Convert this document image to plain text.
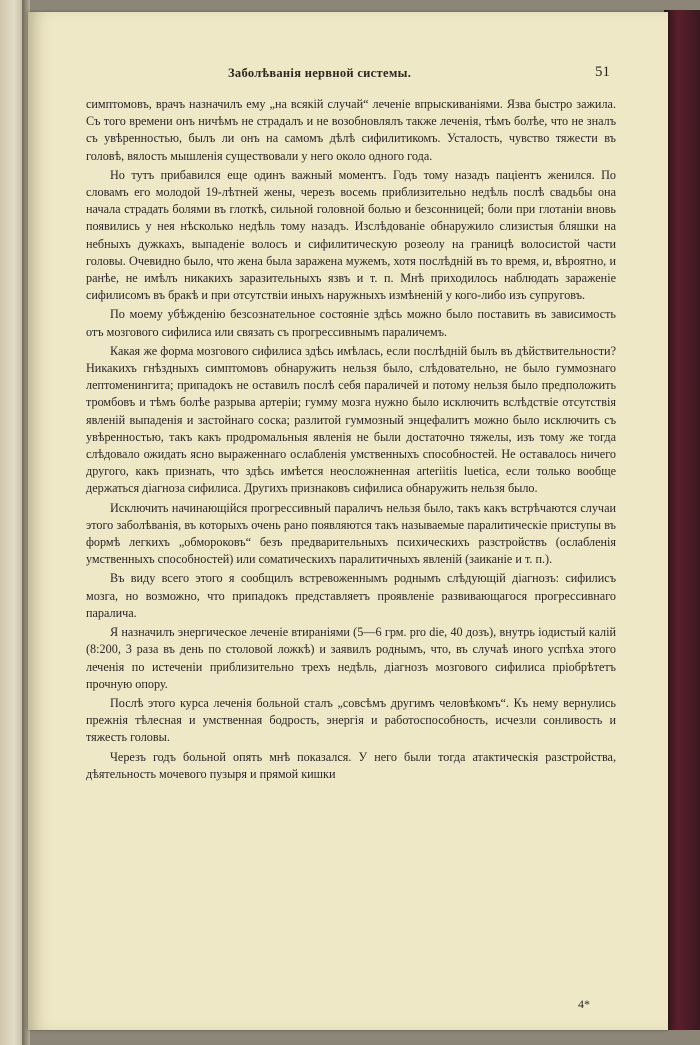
Заболѣванія нервной системы.	51

симптомовъ, врачъ назначилъ ему „на всякій случай“ леченіе впрыскиваніями. Язва быстро зажила. Съ того времени онъ ничѣмъ не страдалъ и не возобновлялъ также леченія, тѣмъ болѣе, что не зналъ съ увѣренностью, былъ ли онъ на самомъ дѣлѣ сифилитикомъ. Усталость, чувство тяжести въ головѣ, вялость мышленія существовали у него около одного года.

Но тутъ прибавился еще одинъ важный моментъ. Годъ тому назадъ паціентъ женился. По словамъ его молодой 19-лѣтней жены, черезъ восемь приблизительно недѣль послѣ свадьбы она начала страдать болями въ глоткѣ, сильной головной болью и безсонницей; боли при глотаніи вновь появились у нея нѣсколько недѣль тому назадъ. Изслѣдованіе обнаружило слизистыя бляшки на небныхъ дужкахъ, выпаденіе волосъ и сифилитическую розеолу на границѣ волосистой части головы. Очевидно было, что жена была заражена мужемъ, хотя послѣдній въ то время, и, вѣроятно, и ранѣе, не имѣлъ никакихъ заразительныхъ язвъ и т. п. Мнѣ приходилось наблюдать зараженіе сифилисомъ въ бракѣ и при отсутствіи иныхъ наружныхъ измѣненій у кого-либо изъ супруговъ.

По моему убѣжденію безсознательное состояніе здѣсь можно было поставить въ зависимость отъ мозгового сифилиса или связать съ прогрессивнымъ параличемъ.

Какая же форма мозгового сифилиса здѣсь имѣлась, если послѣдній былъ въ дѣйствительности? Никакихъ гнѣздныхъ симптомовъ обнаружить нельзя было, слѣдовательно, не было гуммознаго лептоменингита; припадокъ не оставилъ послѣ себя параличей и потому нельзя было предположить тромбовъ и тѣмъ болѣе разрыва артеріи; гумму мозга нужно было исключить вслѣдствіе отсутствія явленій выпаденія и застойнаго соска; разлитой гуммозный энцефалитъ можно было исключить съ увѣренностью, такъ какъ продромальныя явленія не были достаточно тяжелы, изъ тому же тогда слѣдовало ожидать ясно выраженнаго ослабленія умственныхъ способностей. Не оставалось ничего другого, какъ признать, что здѣсь имѣется неосложненная arteriitis luetica, если только вообще держаться діагноза сифилиса. Другихъ признаковъ сифилиса обнаружить нельзя было.

Исключить начинающійся прогрессивный параличъ нельзя было, такъ какъ встрѣчаются случаи этого заболѣванія, въ которыхъ очень рано появляются такъ называемые паралитическіе приступы въ формѣ легкихъ „обмороковъ“ безъ предварительныхъ психическихъ разстройствъ (ослабленія умственныхъ способностей) или соматическихъ паралитичныхъ явленій (заиканіе и т. п.).

Въ виду всего этого я сообщилъ встревоженнымъ роднымъ слѣдующій діагнозъ: сифилисъ мозга, но возможно, что припадокъ представляетъ проявленіе развивающагося прогрессивнаго паралича.

Я назначилъ энергическое леченіе втираніями (5—6 грм. pro die, 40 дозъ), внутрь іодистый калій (8:200, 3 раза въ день по столовой ложкѣ) и заявилъ роднымъ, что, въ случаѣ иного успѣха этого леченія по истеченіи приблизительно трехъ недѣль, діагнозъ мозгового сифилиса пріобрѣтетъ прочную опору.

Послѣ этого курса леченія больной сталъ „совсѣмъ другимъ человѣкомъ“. Къ нему вернулись прежнія тѣлесная и умственная бодрость, энергія и работоспособность, исчезли сонливость и тяжесть головы.

Черезъ годъ больной опять мнѣ показался. У него были тогда атактическія разстройства, дѣятельность мочевого пузыря и прямой кишки

4*
